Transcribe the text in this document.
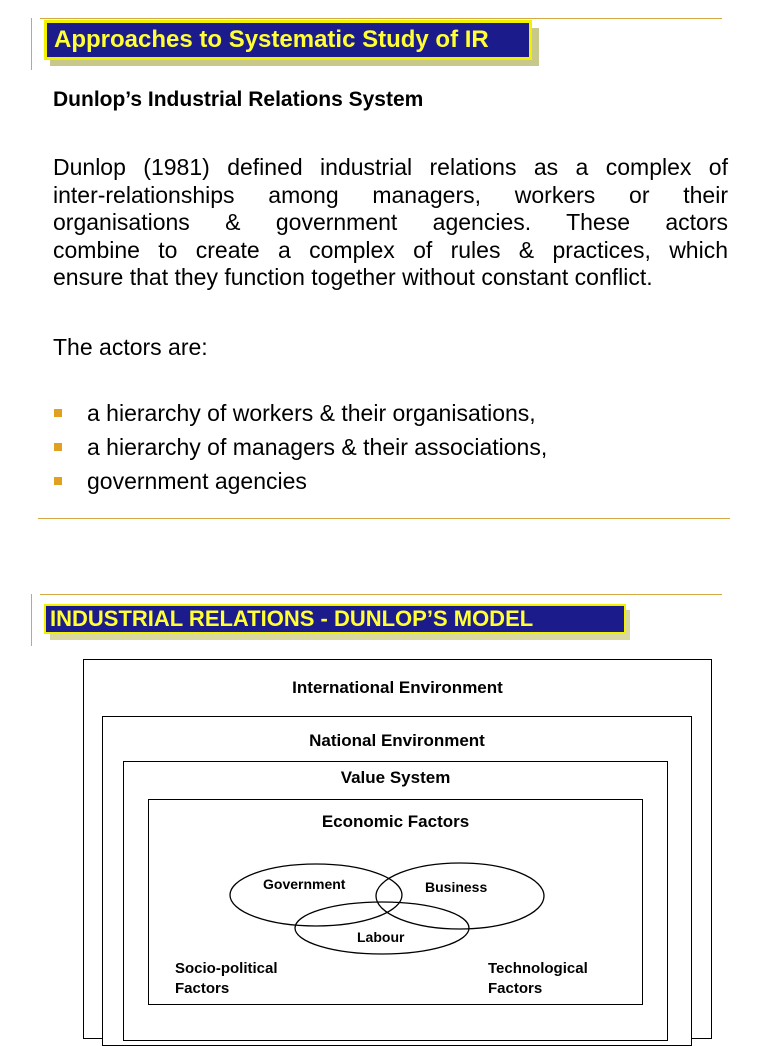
Approaches to Systematic Study of IR
Dunlop’s Industrial Relations System
Dunlop (1981) defined industrial relations as a complex of
inter-relationships among managers, workers or their
organisations & government agencies. These actors
combine to create a complex of rules & practices, which
ensure that they function together without constant conflict.
The actors are:
a hierarchy of workers & their organisations,
a hierarchy of managers & their associations,
government agencies
INDUSTRIAL RELATIONS - DUNLOP’S MODEL
International Environment
National Environment
Value System
Economic Factors
Government	Business
Labour
Socio-political
Factors
Technological
Factors
